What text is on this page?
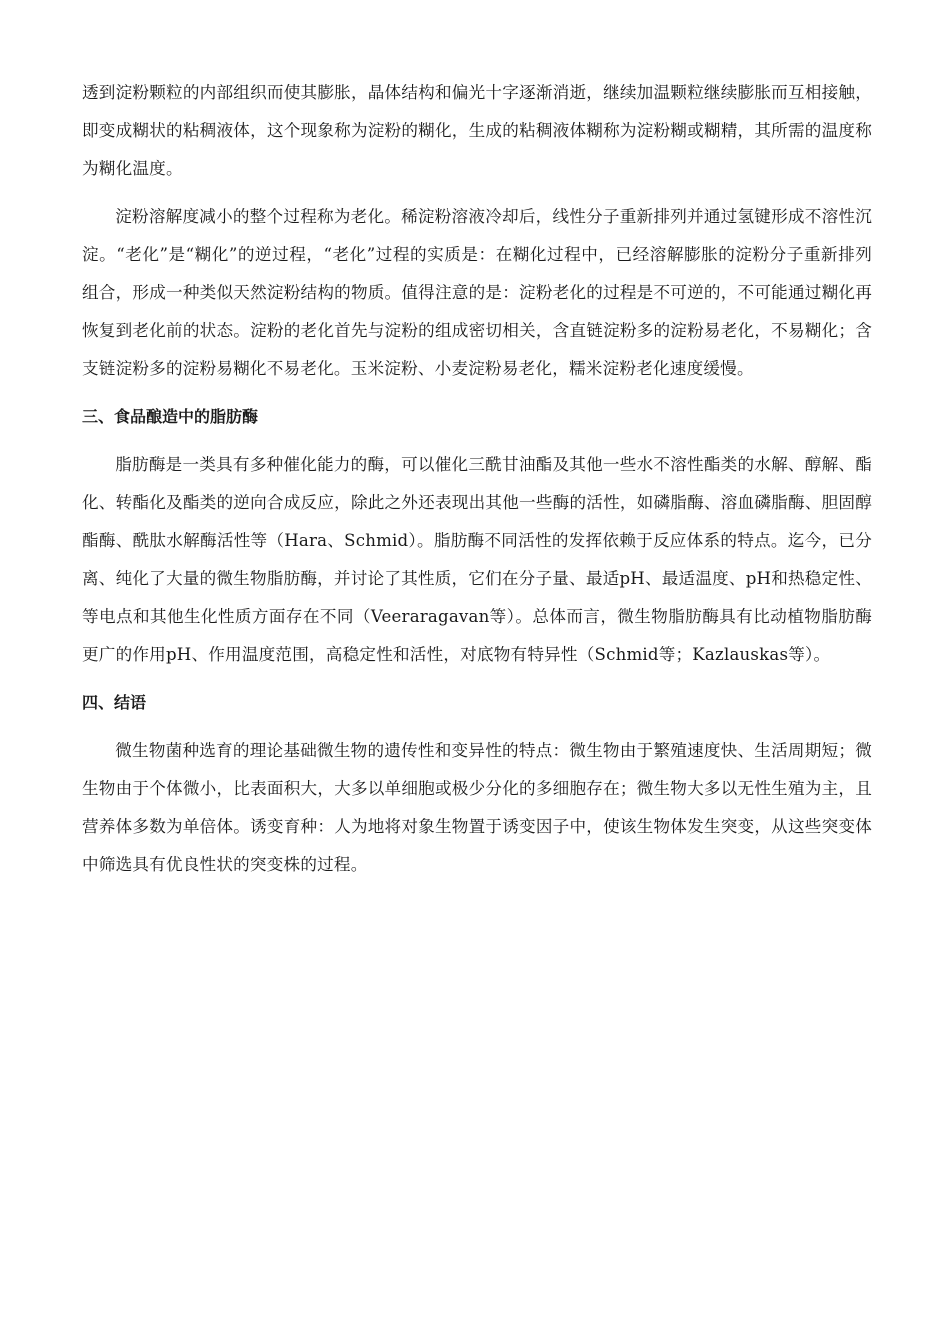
透到淀粉颗粒的内部组织而使其膨胀，晶体结构和偏光十字逐渐消逝，继续加温颗粒继续膨胀而互相接触，即变成糊状的粘稠液体，这个现象称为淀粉的糊化，生成的粘稠液体糊称为淀粉糊或糊精，其所需的温度称为糊化温度。

淀粉溶解度减小的整个过程称为老化。稀淀粉溶液冷却后，线性分子重新排列并通过氢键形成不溶性沉淀。“老化”是“糊化”的逆过程，“老化”过程的实质是：在糊化过程中，已经溶解膨胀的淀粉分子重新排列组合，形成一种类似天然淀粉结构的物质。值得注意的是：淀粉老化的过程是不可逆的，不可能通过糊化再恢复到老化前的状态。淀粉的老化首先与淀粉的组成密切相关，含直链淀粉多的淀粉易老化，不易糊化；含支链淀粉多的淀粉易糊化不易老化。玉米淀粉、小麦淀粉易老化，糯米淀粉老化速度缓慢。

三、食品酿造中的脂肪酶

脂肪酶是一类具有多种催化能力的酶，可以催化三酰甘油酯及其他一些水不溶性酯类的水解、醇解、酯化、转酯化及酯类的逆向合成反应，除此之外还表现出其他一些酶的活性，如磷脂酶、溶血磷脂酶、胆固醇酯酶、酰肽水解酶活性等（Hara、Schmid）。脂肪酶不同活性的发挥依赖于反应体系的特点。迄今，已分离、纯化了大量的微生物脂肪酶，并讨论了其性质，它们在分子量、最适pH、最适温度、pH和热稳定性、等电点和其他生化性质方面存在不同（Veeraragavan等）。总体而言，微生物脂肪酶具有比动植物脂肪酶更广的作用pH、作用温度范围，高稳定性和活性，对底物有特异性（Schmid等；Kazlauskas等）。

四、结语

微生物菌种选育的理论基础微生物的遗传性和变异性的特点：微生物由于繁殖速度快、生活周期短；微生物由于个体微小，比表面积大，大多以单细胞或极少分化的多细胞存在；微生物大多以无性生殖为主，且营养体多数为单倍体。诱变育种：人为地将对象生物置于诱变因子中，使该生物体发生突变，从这些突变体中筛选具有优良性状的突变株的过程。
